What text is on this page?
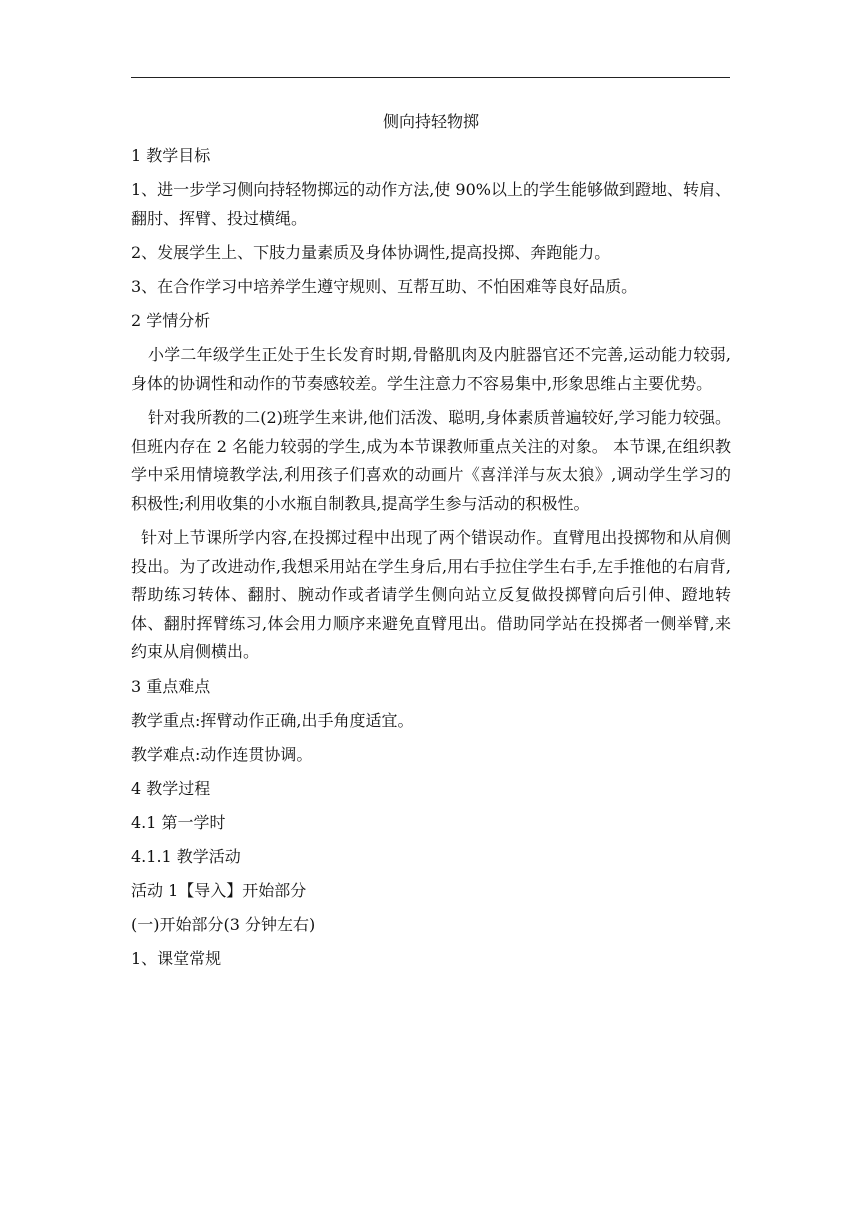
侧向持轻物掷
1 教学目标
1、进一步学习侧向持轻物掷远的动作方法,使 90%以上的学生能够做到蹬地、转肩、翻肘、挥臂、投过横绳。
2、发展学生上、下肢力量素质及身体协调性,提高投掷、奔跑能力。
3、在合作学习中培养学生遵守规则、互帮互助、不怕困难等良好品质。
2 学情分析
小学二年级学生正处于生长发育时期,骨骼肌肉及内脏器官还不完善,运动能力较弱,身体的协调性和动作的节奏感较差。学生注意力不容易集中,形象思维占主要优势。
针对我所教的二(2)班学生来讲,他们活泼、聪明,身体素质普遍较好,学习能力较强。但班内存在 2 名能力较弱的学生,成为本节课教师重点关注的对象。 本节课,在组织教学中采用情境教学法,利用孩子们喜欢的动画片《喜洋洋与灰太狼》,调动学生学习的积极性;利用收集的小水瓶自制教具,提高学生参与活动的积极性。
针对上节课所学内容,在投掷过程中出现了两个错误动作。直臂甩出投掷物和从肩侧投出。为了改进动作,我想采用站在学生身后,用右手拉住学生右手,左手推他的右肩背,帮助练习转体、翻肘、腕动作或者请学生侧向站立反复做投掷臂向后引伸、蹬地转体、翻肘挥臂练习,体会用力顺序来避免直臂甩出。借助同学站在投掷者一侧举臂,来约束从肩侧横出。
3 重点难点
教学重点:挥臂动作正确,出手角度适宜。
教学难点:动作连贯协调。
4 教学过程
4.1 第一学时
4.1.1 教学活动
活动 1【导入】开始部分
(一)开始部分(3 分钟左右)
1、课堂常规
